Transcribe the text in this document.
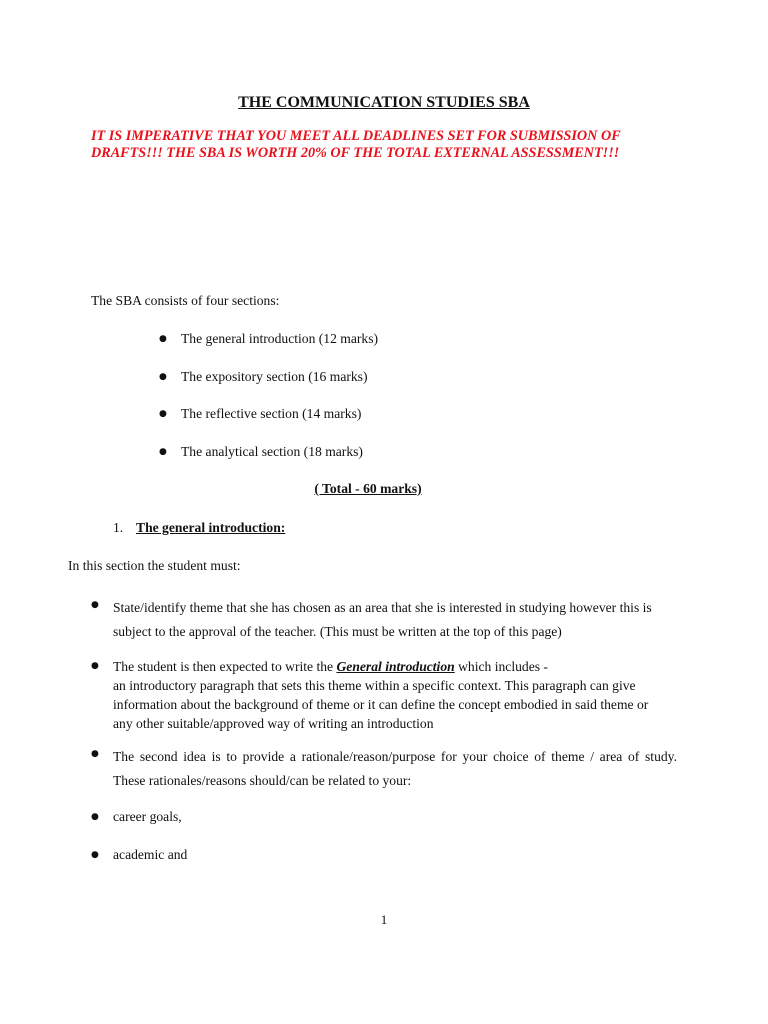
THE COMMUNICATION STUDIES SBA
IT IS IMPERATIVE THAT YOU MEET ALL DEADLINES SET FOR SUBMISSION OF
DRAFTS!!! THE SBA IS WORTH 20% OF THE TOTAL EXTERNAL ASSESSMENT!!!
The SBA consists of four sections:
● The general introduction (12 marks)
● The expository section (16 marks)
● The reflective section (14 marks)
● The analytical section (18 marks)
( Total - 60 marks)
1. The general introduction:
In this section the student must:
● State/identify theme that she has chosen as an area that she is interested in studying however this is
subject to the approval of the teacher. (This must be written at the top of this page)
● The student is then expected to write the General introduction which includes -
an introductory paragraph that sets this theme within a specific context. This paragraph can give
information about the background of theme or it can define the concept embodied in said theme or
any other suitable/approved way of writing an introduction
● The second idea is to provide a rationale/reason/purpose for your choice of theme / area of study.
These rationales/reasons should/can be related to your:
● career goals,
● academic and
1
